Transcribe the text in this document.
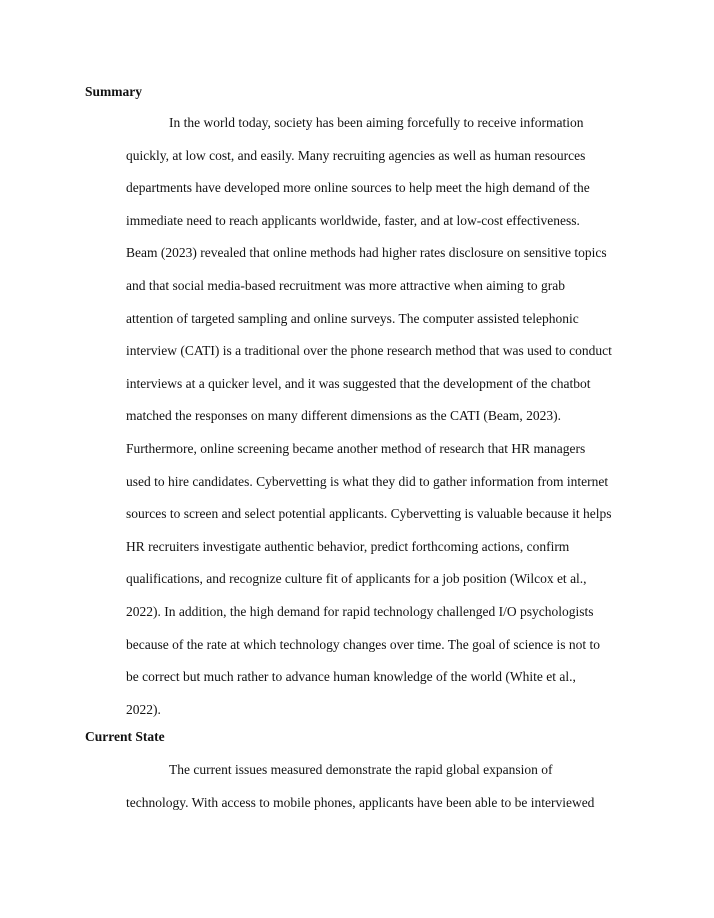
Summary
In the world today, society has been aiming forcefully to receive information
quickly, at low cost, and easily. Many recruiting agencies as well as human resources
departments have developed more online sources to help meet the high demand of the
immediate need to reach applicants worldwide, faster, and at low-cost effectiveness.
Beam (2023) revealed that online methods had higher rates disclosure on sensitive topics
and that social media-based recruitment was more attractive when aiming to grab
attention of targeted sampling and online surveys. The computer assisted telephonic
interview (CATI) is a traditional over the phone research method that was used to conduct
interviews at a quicker level, and it was suggested that the development of the chatbot
matched the responses on many different dimensions as the CATI (Beam, 2023).
Furthermore, online screening became another method of research that HR managers
used to hire candidates. Cybervetting is what they did to gather information from internet
sources to screen and select potential applicants. Cybervetting is valuable because it helps
HR recruiters investigate authentic behavior, predict forthcoming actions, confirm
qualifications, and recognize culture fit of applicants for a job position (Wilcox et al.,
2022). In addition, the high demand for rapid technology challenged I/O psychologists
because of the rate at which technology changes over time. The goal of science is not to
be correct but much rather to advance human knowledge of the world (White et al.,
2022).
Current State
The current issues measured demonstrate the rapid global expansion of
technology. With access to mobile phones, applicants have been able to be interviewed
